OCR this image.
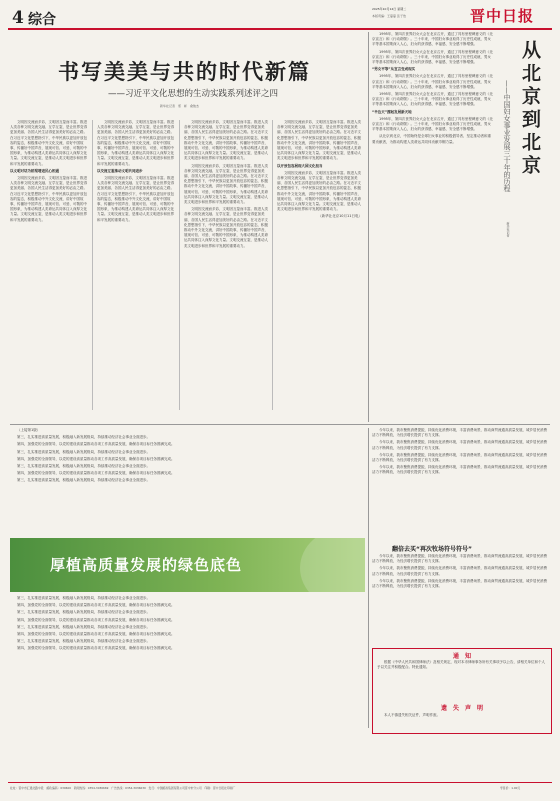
4 综合
2025年10月14日 星期二
本版责编：王蔓蔓 张子怡	晋中日报
书写美美与共的时代新篇
——习近平文化思想的生动实践系列述评之四
新华社记者　邢　彬　俞俊杰

文明因交流而多彩，文明因互鉴而丰富。推进人类各种文明交流交融、互学互鉴，是让世界变得更加美丽、各国人民生活得更加美好的必由之路。在习近平文化思想指引下，中华民族以更加开放包容的姿态，积极推动中外文化交流，讲好中国故事，传播好中国声音，展现可信、可爱、可敬的中国形象，为推动构建人类命运共同体注入深厚文化力量。文明交流互鉴，是推动人类文明进步和世界和平发展的重要动力。

以文明对话为桥梁增进民心相通

文明因交流而多彩，文明因互鉴而丰富。推进人类各种文明交流交融、互学互鉴，是让世界变得更加美丽、各国人民生活得更加美好的必由之路。在习近平文化思想指引下，中华民族以更加开放包容的姿态，积极推动中外文化交流，讲好中国故事，传播好中国声音，展现可信、可爱、可敬的中国形象，为推动构建人类命运共同体注入深厚文化力量。文明交流互鉴，是推动人类文明进步和世界和平发展的重要动力。

文明因交流而多彩，文明因互鉴而丰富。推进人类各种文明交流交融、互学互鉴，是让世界变得更加美丽、各国人民生活得更加美好的必由之路。在习近平文化思想指引下，中华民族以更加开放包容的姿态，积极推动中外文化交流，讲好中国故事，传播好中国声音，展现可信、可爱、可敬的中国形象，为推动构建人类命运共同体注入深厚文化力量。文明交流互鉴，是推动人类文明进步和世界和平发展的重要动力。

以交流互鉴推动文明共同进步

文明因交流而多彩，文明因互鉴而丰富。推进人类各种文明交流交融、互学互鉴，是让世界变得更加美丽、各国人民生活得更加美好的必由之路。在习近平文化思想指引下，中华民族以更加开放包容的姿态，积极推动中外文化交流，讲好中国故事，传播好中国声音，展现可信、可爱、可敬的中国形象，为推动构建人类命运共同体注入深厚文化力量。文明交流互鉴，是推动人类文明进步和世界和平发展的重要动力。

文明因交流而多彩，文明因互鉴而丰富。推进人类各种文明交流交融、互学互鉴，是让世界变得更加美丽、各国人民生活得更加美好的必由之路。在习近平文化思想指引下，中华民族以更加开放包容的姿态，积极推动中外文化交流，讲好中国故事，传播好中国声音，展现可信、可爱、可敬的中国形象，为推动构建人类命运共同体注入深厚文化力量。文明交流互鉴，是推动人类文明进步和世界和平发展的重要动力。

文明因交流而多彩，文明因互鉴而丰富。推进人类各种文明交流交融、互学互鉴，是让世界变得更加美丽、各国人民生活得更加美好的必由之路。在习近平文化思想指引下，中华民族以更加开放包容的姿态，积极推动中外文化交流，讲好中国故事，传播好中国声音，展现可信、可爱、可敬的中国形象，为推动构建人类命运共同体注入深厚文化力量。文明交流互鉴，是推动人类文明进步和世界和平发展的重要动力。

文明因交流而多彩，文明因互鉴而丰富。推进人类各种文明交流交融、互学互鉴，是让世界变得更加美丽、各国人民生活得更加美好的必由之路。在习近平文化思想指引下，中华民族以更加开放包容的姿态，积极推动中外文化交流，讲好中国故事，传播好中国声音，展现可信、可爱、可敬的中国形象，为推动构建人类命运共同体注入深厚文化力量。文明交流互鉴，是推动人类文明进步和世界和平发展的重要动力。

文明因交流而多彩，文明因互鉴而丰富。推进人类各种文明交流交融、互学互鉴，是让世界变得更加美丽、各国人民生活得更加美好的必由之路。在习近平文化思想指引下，中华民族以更加开放包容的姿态，积极推动中外文化交流，讲好中国故事，传播好中国声音，展现可信、可爱、可敬的中国形象，为推动构建人类命运共同体注入深厚文化力量。文明交流互鉴，是推动人类文明进步和世界和平发展的重要动力。

以开放包容展现大国文化担当

文明因交流而多彩，文明因互鉴而丰富。推进人类各种文明交流交融、互学互鉴，是让世界变得更加美丽、各国人民生活得更加美好的必由之路。在习近平文化思想指引下，中华民族以更加开放包容的姿态，积极推动中外文化交流，讲好中国故事，传播好中国声音，展现可信、可爱、可敬的中国形象，为推动构建人类命运共同体注入深厚文化力量。文明交流互鉴，是推动人类文明进步和世界和平发展的重要动力。

（新华社北京10月11日电）

1995年，第四次世界妇女大会在北京召开，通过了具有里程碑意义的《北京宣言》和《行动纲领》。三十年来，中国妇女事业取得了历史性成就，男女平等基本国策深入人心，妇女的获得感、幸福感、安全感不断增强。

1995年，第四次世界妇女大会在北京召开，通过了具有里程碑意义的《北京宣言》和《行动纲领》。三十年来，中国妇女事业取得了历史性成就，男女平等基本国策深入人心，妇女的获得感、幸福感、安全感不断增强。

“男女平等”从宣言变成现实

1995年，第四次世界妇女大会在北京召开，通过了具有里程碑意义的《北京宣言》和《行动纲领》。三十年来，中国妇女事业取得了历史性成就，男女平等基本国策深入人心，妇女的获得感、幸福感、安全感不断增强。

1995年，第四次世界妇女大会在北京召开，通过了具有里程碑意义的《北京宣言》和《行动纲领》。三十年来，中国妇女事业取得了历史性成就，男女平等基本国策深入人心，妇女的获得感、幸福感、安全感不断增强。

“半边天”撑起发展新天地

1995年，第四次世界妇女大会在北京召开，通过了具有里程碑意义的《北京宣言》和《行动纲领》。三十年来，中国妇女事业取得了历史性成就，男女平等基本国策深入人心，妇女的获得感、幸福感、安全感不断增强。

从北京到北京，中国始终是全球妇女事业的积极倡导者、坚定推动者和重要贡献者，为推动构建人类命运共同体贡献巾帼力量。	从北京到北京
——中国妇女事业发展三十年的历程
新华社记者

（上接第1版）

第三，扎实推进高质量发展，积极融入新发展格局，持续推动经济社会事业全面进步。

第四，加强党的全面领导，以党的建设高质量推动各项工作高质量发展，确保各项目标任务圆满完成。

第三，扎实推进高质量发展，积极融入新发展格局，持续推动经济社会事业全面进步。

第四，加强党的全面领导，以党的建设高质量推动各项工作高质量发展，确保各项目标任务圆满完成。

第三，扎实推进高质量发展，积极融入新发展格局，持续推动经济社会事业全面进步。

第四，加强党的全面领导，以党的建设高质量推动各项工作高质量发展，确保各项目标任务圆满完成。

第三，扎实推进高质量发展，积极融入新发展格局，持续推动经济社会事业全面进步。

厚植高质量发展的绿色底色

第三，扎实推进高质量发展，积极融入新发展格局，持续推动经济社会事业全面进步。

第四，加强党的全面领导，以党的建设高质量推动各项工作高质量发展，确保各项目标任务圆满完成。

第三，扎实推进高质量发展，积极融入新发展格局，持续推动经济社会事业全面进步。

第四，加强党的全面领导，以党的建设高质量推动各项工作高质量发展，确保各项目标任务圆满完成。

第三，扎实推进高质量发展，积极融入新发展格局，持续推动经济社会事业全面进步。

第四，加强党的全面领导，以党的建设高质量推动各项工作高质量发展，确保各项目标任务圆满完成。

第三，扎实推进高质量发展，积极融入新发展格局，持续推动经济社会事业全面进步。

第四，加强党的全面领导，以党的建设高质量推动各项工作高质量发展，确保各项目标任务圆满完成。

翻倍去买“再次牧场符号符号”

今年以来，我市聚焦消费提振，持续优化消费环境，丰富消费场景，推动商贸流通高质量发展，城乡居民消费活力不断释放，为经济增长提供了有力支撑。

今年以来，我市聚焦消费提振，持续优化消费环境，丰富消费场景，推动商贸流通高质量发展，城乡居民消费活力不断释放，为经济增长提供了有力支撑。

今年以来，我市聚焦消费提振，持续优化消费环境，丰富消费场景，推动商贸流通高质量发展，城乡居民消费活力不断释放，为经济增长提供了有力支撑。

今年以来，我市聚焦消费提振，持续优化消费环境，丰富消费场景，推动商贸流通高质量发展，城乡居民消费活力不断释放，为经济增长提供了有力支撑。

今年以来，我市聚焦消费提振，持续优化消费环境，丰富消费场景，推动商贸流通高质量发展，城乡居民消费活力不断释放，为经济增长提供了有力支撑。

今年以来，我市聚焦消费提振，持续优化消费环境，丰富消费场景，推动商贸流通高质量发展，城乡居民消费活力不断释放，为经济增长提供了有力支撑。

今年以来，我市聚焦消费提振，持续优化消费环境，丰富消费场景，推动商贸流通高质量发展，城乡居民消费活力不断释放，为经济增长提供了有力支撑。

通　知

根据《中华人民共和国律师法》及相关规定，现对本市律师事务所有关事项予以公告，请相关单位和个人予以关注并积极配合。特此通知。

遗　失　声　明

本人不慎遗失相关证件，声明作废。

社址：晋中市汇通北路中段　邮政编码：030600　新闻热线：0354-3036669　广告热线：0354-3036630　发行：中国邮政集团有限公司晋中市分公司　印刷：晋中日报社印刷厂	零售价：1.00元
